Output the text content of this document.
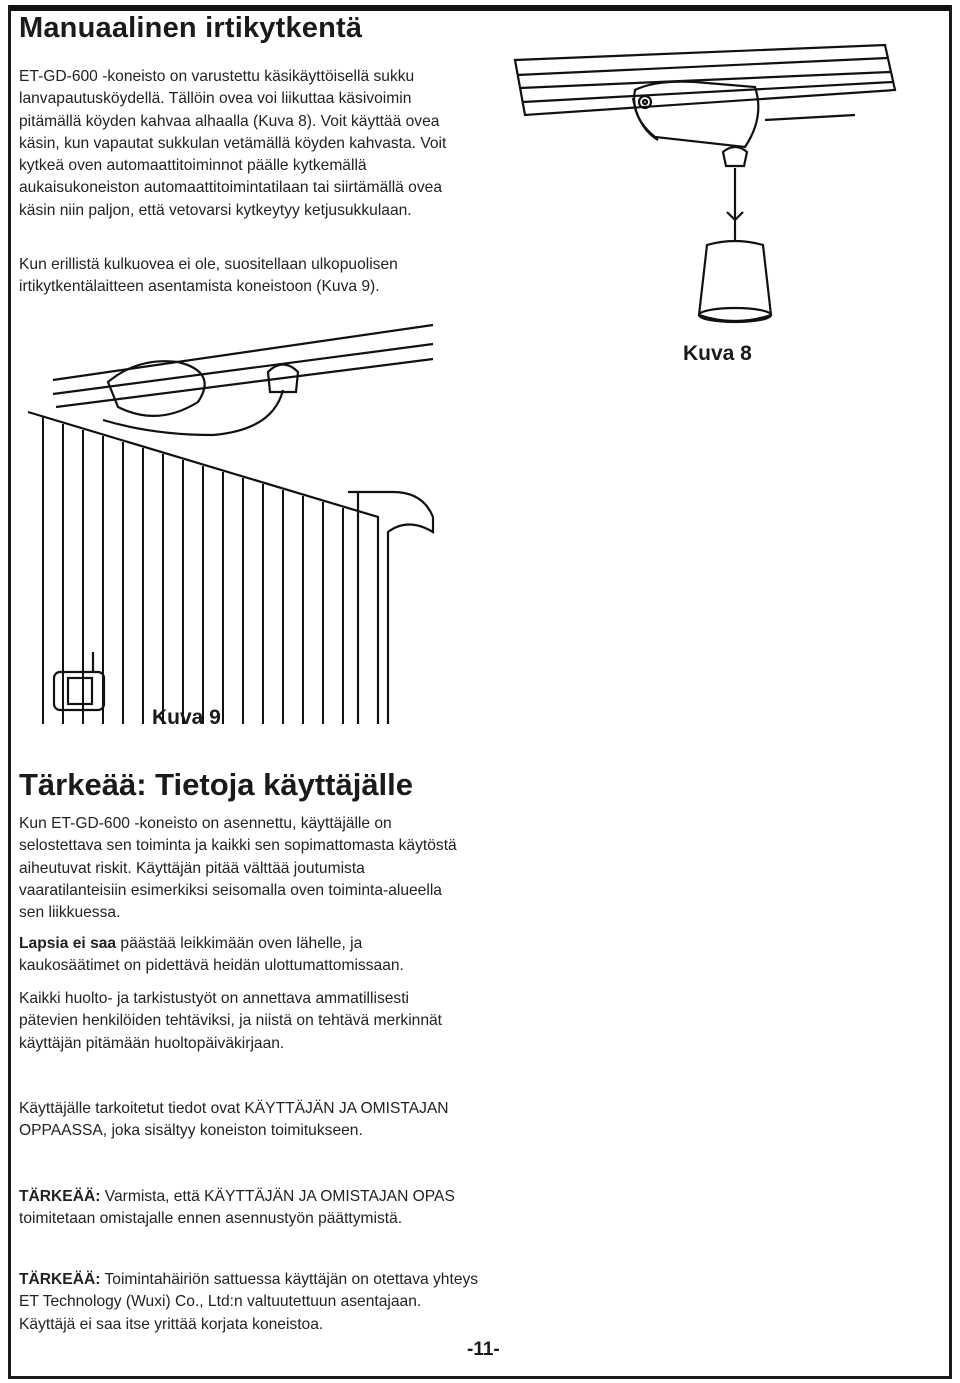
Manuaalinen irtikytkentä
ET-GD-600 -koneisto on varustettu käsikäyttöisellä sukku lanvapautusköydellä. Tällöin ovea voi liikuttaa käsivoimin pitämällä köyden kahvaa alhaalla (Kuva 8). Voit käyttää ovea käsin, kun vapautat sukkulan vetämällä köyden kahvasta. Voit kytkeä oven automaattitoiminnot päälle kytkemällä aukaisukoneiston automaattitoimintatilaan tai siirtämällä ovea käsin niin paljon, että vetovarsi kytkeytyy ketjusukkulaan.
Kun erillistä kulkuovea ei ole, suositellaan ulkopuolisen irtikytkentälaitteen asentamista koneistoon (Kuva 9).
Kuva 8
Kuva 9
Tärkeää: Tietoja käyttäjälle
Kun ET-GD-600 -koneisto on asennettu, käyttäjälle on selostettava sen toiminta ja kaikki sen sopimattomasta käytöstä aiheutuvat riskit. Käyttäjän pitää välttää joutumista vaaratilanteisiin esimerkiksi seisomalla oven toiminta-alueella sen liikkuessa.
Lapsia ei saa päästää leikkimään oven lähelle, ja kaukosäätimet on pidettävä heidän ulottumattomissaan.
Kaikki huolto- ja tarkistustyöt on annettava ammatillisesti pätevien henkilöiden tehtäviksi, ja niistä on tehtävä merkinnät käyttäjän pitämään huoltopäiväkirjaan.
Käyttäjälle tarkoitetut tiedot ovat KÄYTTÄJÄN JA OMISTAJAN OPPAASSA, joka sisältyy koneiston toimitukseen.
TÄRKEÄÄ: Varmista, että KÄYTTÄJÄN JA OMISTAJAN OPAS toimitetaan omistajalle ennen asennustyön päättymistä.
TÄRKEÄÄ: Toimintahäiriön sattuessa käyttäjän on otettava yhteys ET Technology (Wuxi) Co., Ltd:n valtuutettuun asentajaan. Käyttäjä ei saa itse yrittää korjata koneistoa.
-11-
